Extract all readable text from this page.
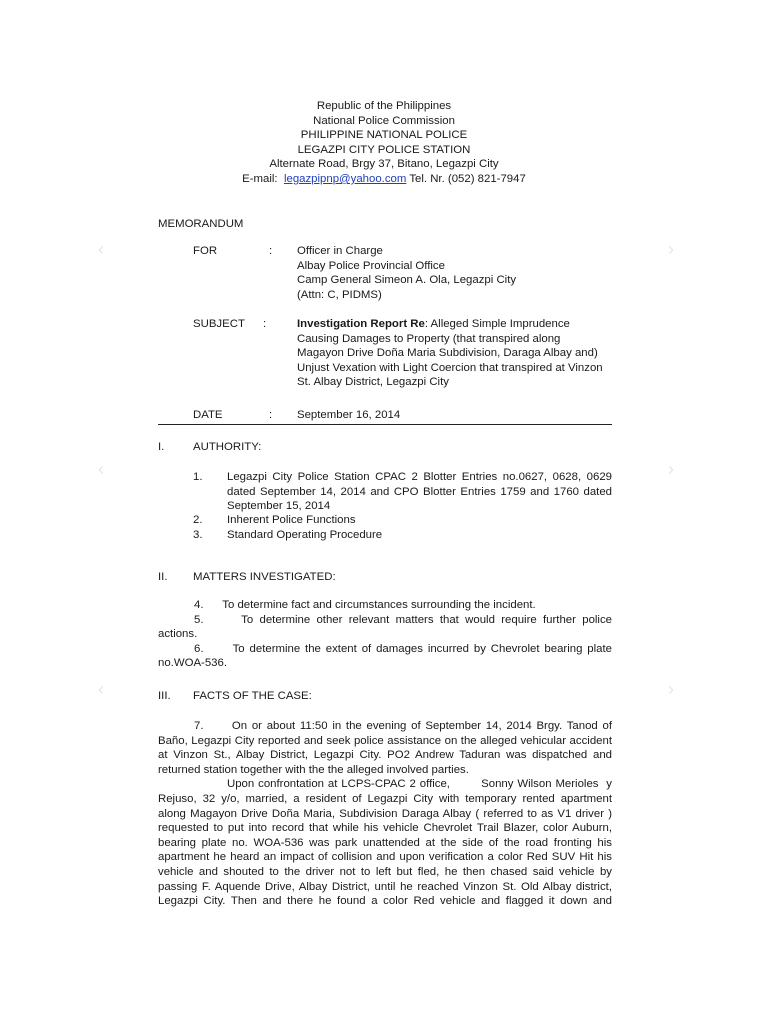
‹	›
‹	›
‹	›
Republic of the Philippines
National Police Commission
PHILIPPINE NATIONAL POLICE
LEGAZPI CITY POLICE STATION
Alternate Road, Brgy 37, Bitano, Legazpi City
E-mail: legazpipnp@yahoo.com Tel. Nr. (052) 821-7947
MEMORANDUM
FOR	: Officer in Charge
Albay Police Provincial Office
Camp General Simeon A. Ola, Legazpi City
(Attn: C, PIDMS)
SUBJECT :	Investigation Report Re: Alleged Simple Imprudence
Causing Damages to Property (that transpired along
Magayon Drive Doña Maria Subdivision, Daraga Albay and)
Unjust Vexation with Light Coercion that transpired at Vinzon
St. Albay District, Legazpi City
DATE	: September 16, 2014
I.	AUTHORITY:
1. Legazpi City Police Station CPAC 2 Blotter Entries no.0627, 0628, 0629
dated September 14, 2014 and CPO Blotter Entries 1759 and 1760 dated
September 15, 2014
2. Inherent Police Functions
3. Standard Operating Procedure
II. MATTERS INVESTIGATED:
4.      To determine fact and circumstances surrounding the incident.
5.      To determine other relevant matters that would require further police
actions.
6.      To determine the extent of damages incurred by Chevrolet bearing plate
no.WOA-536.
III. FACTS OF THE CASE:
7.      On or about 11:50 in the evening of September 14, 2014 Brgy. Tanod of
Baño, Legazpi City reported and seek police assistance on the alleged vehicular accident
at Vinzon St., Albay District, Legazpi City. PO2 Andrew Taduran was dispatched and
returned station together with the the alleged involved parties.
Upon confrontation at LCPS-CPAC 2 office,        Sonny Wilson Merioles  y
Rejuso, 32 y/o, married, a resident of Legazpi City with temporary rented apartment
along Magayon Drive Doña Maria, Subdivision Daraga Albay ( referred to as V1 driver )
requested to put into record that while his vehicle Chevrolet Trail Blazer, color Auburn,
bearing plate no. WOA-536 was park unattended at the side of the road fronting his
apartment he heard an impact of collision and upon verification a color Red SUV Hit his
vehicle and shouted to the driver not to left but fled, he then chased said vehicle by
passing F. Aquende Drive, Albay District, until he reached Vinzon St. Old Albay district,
Legazpi City. Then and there he found a color Red vehicle and flagged it down and
